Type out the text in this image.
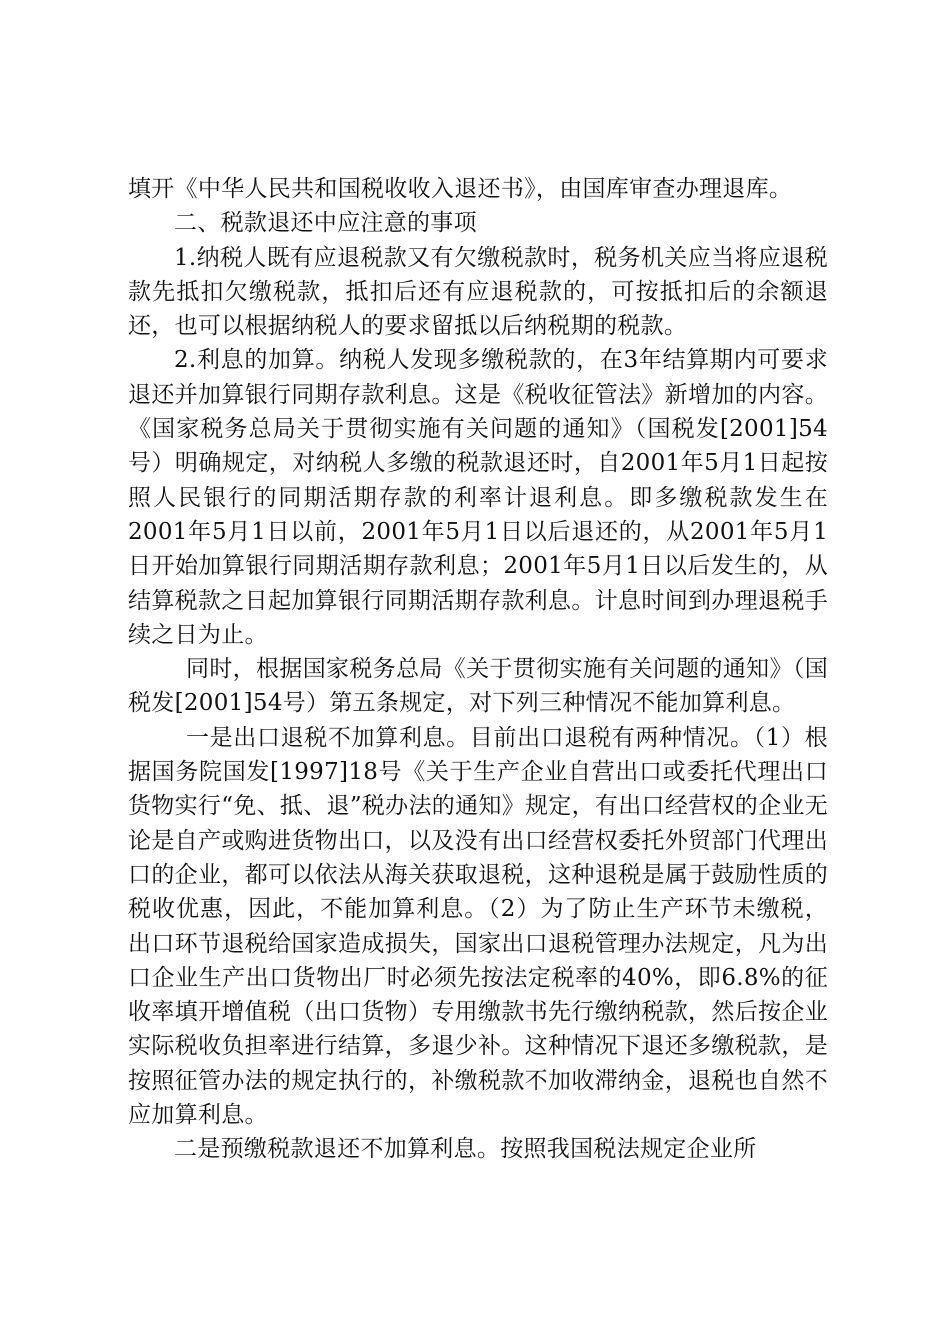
填开《中华人民共和国税收收入退还书》，由国库审查办理退库。

二、税款退还中应注意的事项

1.纳税人既有应退税款又有欠缴税款时，税务机关应当将应退税款先抵扣欠缴税款，抵扣后还有应退税款的，可按抵扣后的余额退还，也可以根据纳税人的要求留抵以后纳税期的税款。

2.利息的加算。纳税人发现多缴税款的，在3年结算期内可要求退还并加算银行同期存款利息。这是《税收征管法》新增加的内容。《国家税务总局关于贯彻实施有关问题的通知》（国税发[2001]54号）明确规定，对纳税人多缴的税款退还时，自2001年5月1日起按照人民银行的同期活期存款的利率计退利息。即多缴税款发生在2001年5月1日以前，2001年5月1日以后退还的，从2001年5月1日开始加算银行同期活期存款利息；2001年5月1日以后发生的，从结算税款之日起加算银行同期活期存款利息。计息时间到办理退税手续之日为止。

同时，根据国家税务总局《关于贯彻实施有关问题的通知》（国税发[2001]54号）第五条规定，对下列三种情况不能加算利息。

一是出口退税不加算利息。目前出口退税有两种情况。（1）根据国务院国发[1997]18号《关于生产企业自营出口或委托代理出口货物实行“免、抵、退”税办法的通知》规定，有出口经营权的企业无论是自产或购进货物出口，以及没有出口经营权委托外贸部门代理出口的企业，都可以依法从海关获取退税，这种退税是属于鼓励性质的税收优惠，因此，不能加算利息。（2）为了防止生产环节未缴税，出口环节退税给国家造成损失，国家出口退税管理办法规定，凡为出口企业生产出口货物出厂时必须先按法定税率的40%，即6.8%的征收率填开增值税（出口货物）专用缴款书先行缴纳税款，然后按企业实际税收负担率进行结算，多退少补。这种情况下退还多缴税款，是按照征管办法的规定执行的，补缴税款不加收滞纳金，退税也自然不应加算利息。

二是预缴税款退还不加算利息。按照我国税法规定企业所
